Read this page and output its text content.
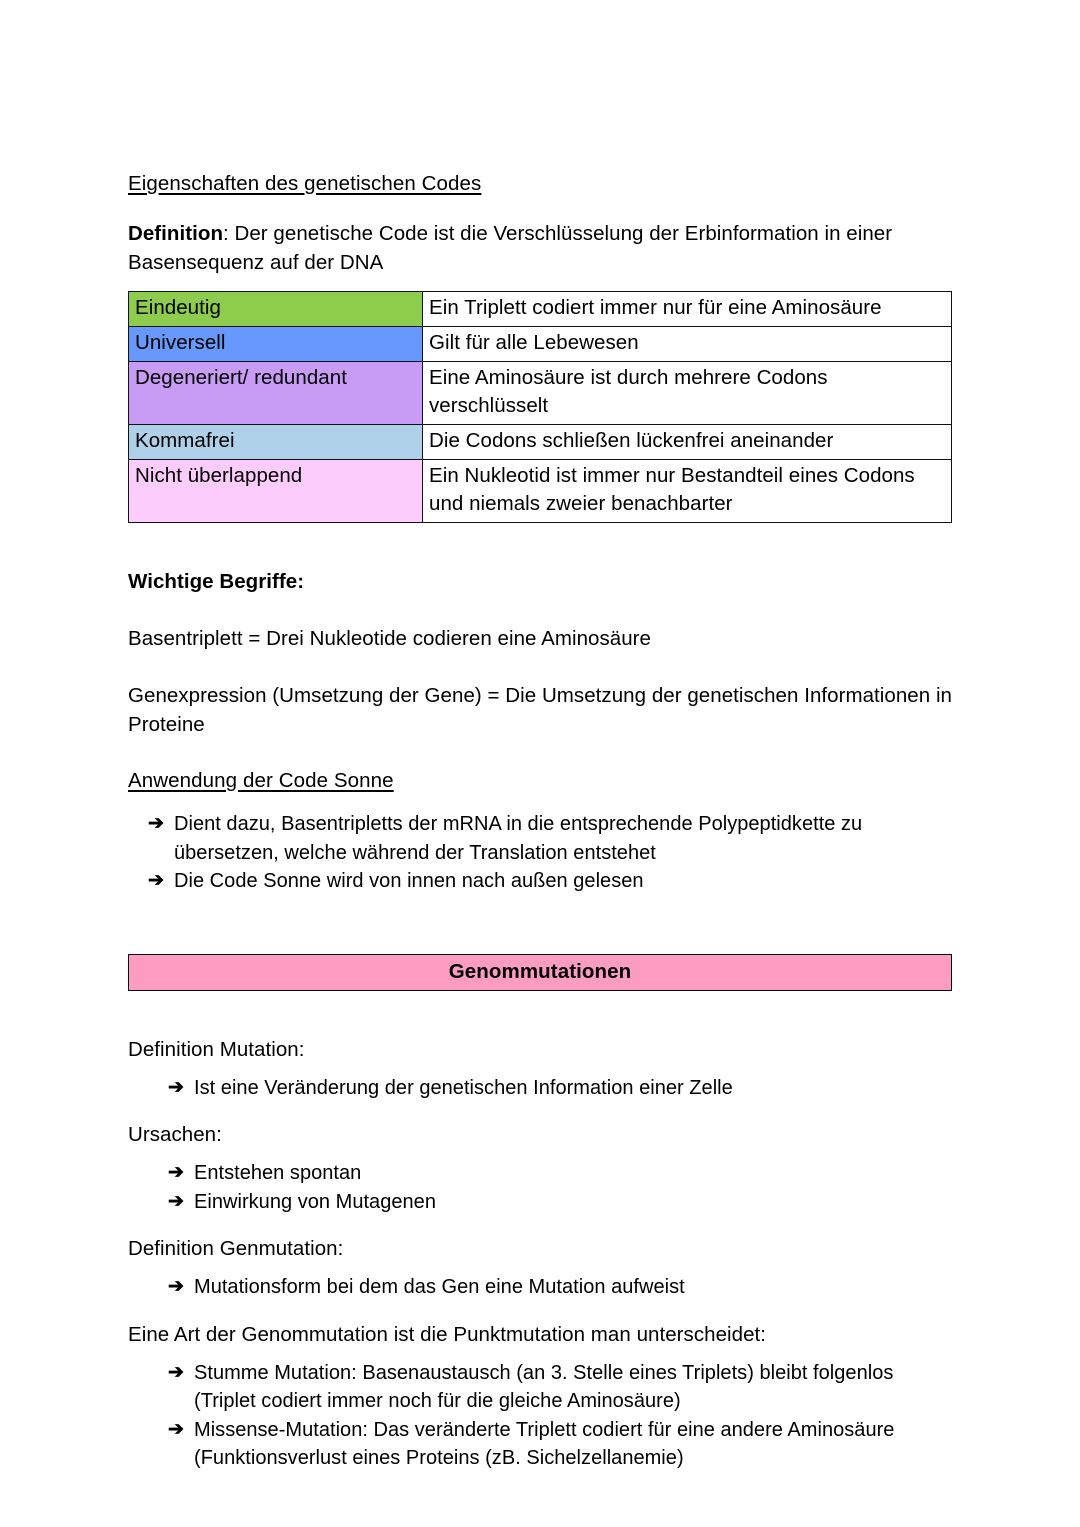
Eigenschaften des genetischen Codes
Definition: Der genetische Code ist die Verschlüsselung der Erbinformation in einer Basensequenz auf der DNA
Eindeutig	Ein Triplett codiert immer nur für eine Aminosäure
Universell	Gilt für alle Lebewesen
Degeneriert/ redundant	Eine Aminosäure ist durch mehrere Codons verschlüsselt
Kommafrei	Die Codons schließen lückenfrei aneinander
Nicht überlappend	Ein Nukleotid ist immer nur Bestandteil eines Codons und niemals zweier benachbarter
Wichtige Begriffe:
Basentriplett = Drei Nukleotide codieren eine Aminosäure
Genexpression (Umsetzung der Gene) = Die Umsetzung der genetischen Informationen in Proteine
Anwendung der Code Sonne
➔ Dient dazu, Basentripletts der mRNA in die entsprechende Polypeptidkette zu übersetzen, welche während der Translation entstehet
➔ Die Code Sonne wird von innen nach außen gelesen
Genommutationen
Definition Mutation:
➔ Ist eine Veränderung der genetischen Information einer Zelle
Ursachen:
➔ Entstehen spontan
➔ Einwirkung von Mutagenen
Definition Genmutation:
➔ Mutationsform bei dem das Gen eine Mutation aufweist
Eine Art der Genommutation ist die Punktmutation man unterscheidet:
➔ Stumme Mutation: Basenaustausch (an 3. Stelle eines Triplets) bleibt folgenlos (Triplet codiert immer noch für die gleiche Aminosäure)
➔ Missense-Mutation: Das veränderte Triplett codiert für eine andere Aminosäure (Funktionsverlust eines Proteins (zB. Sichelzellanemie)
